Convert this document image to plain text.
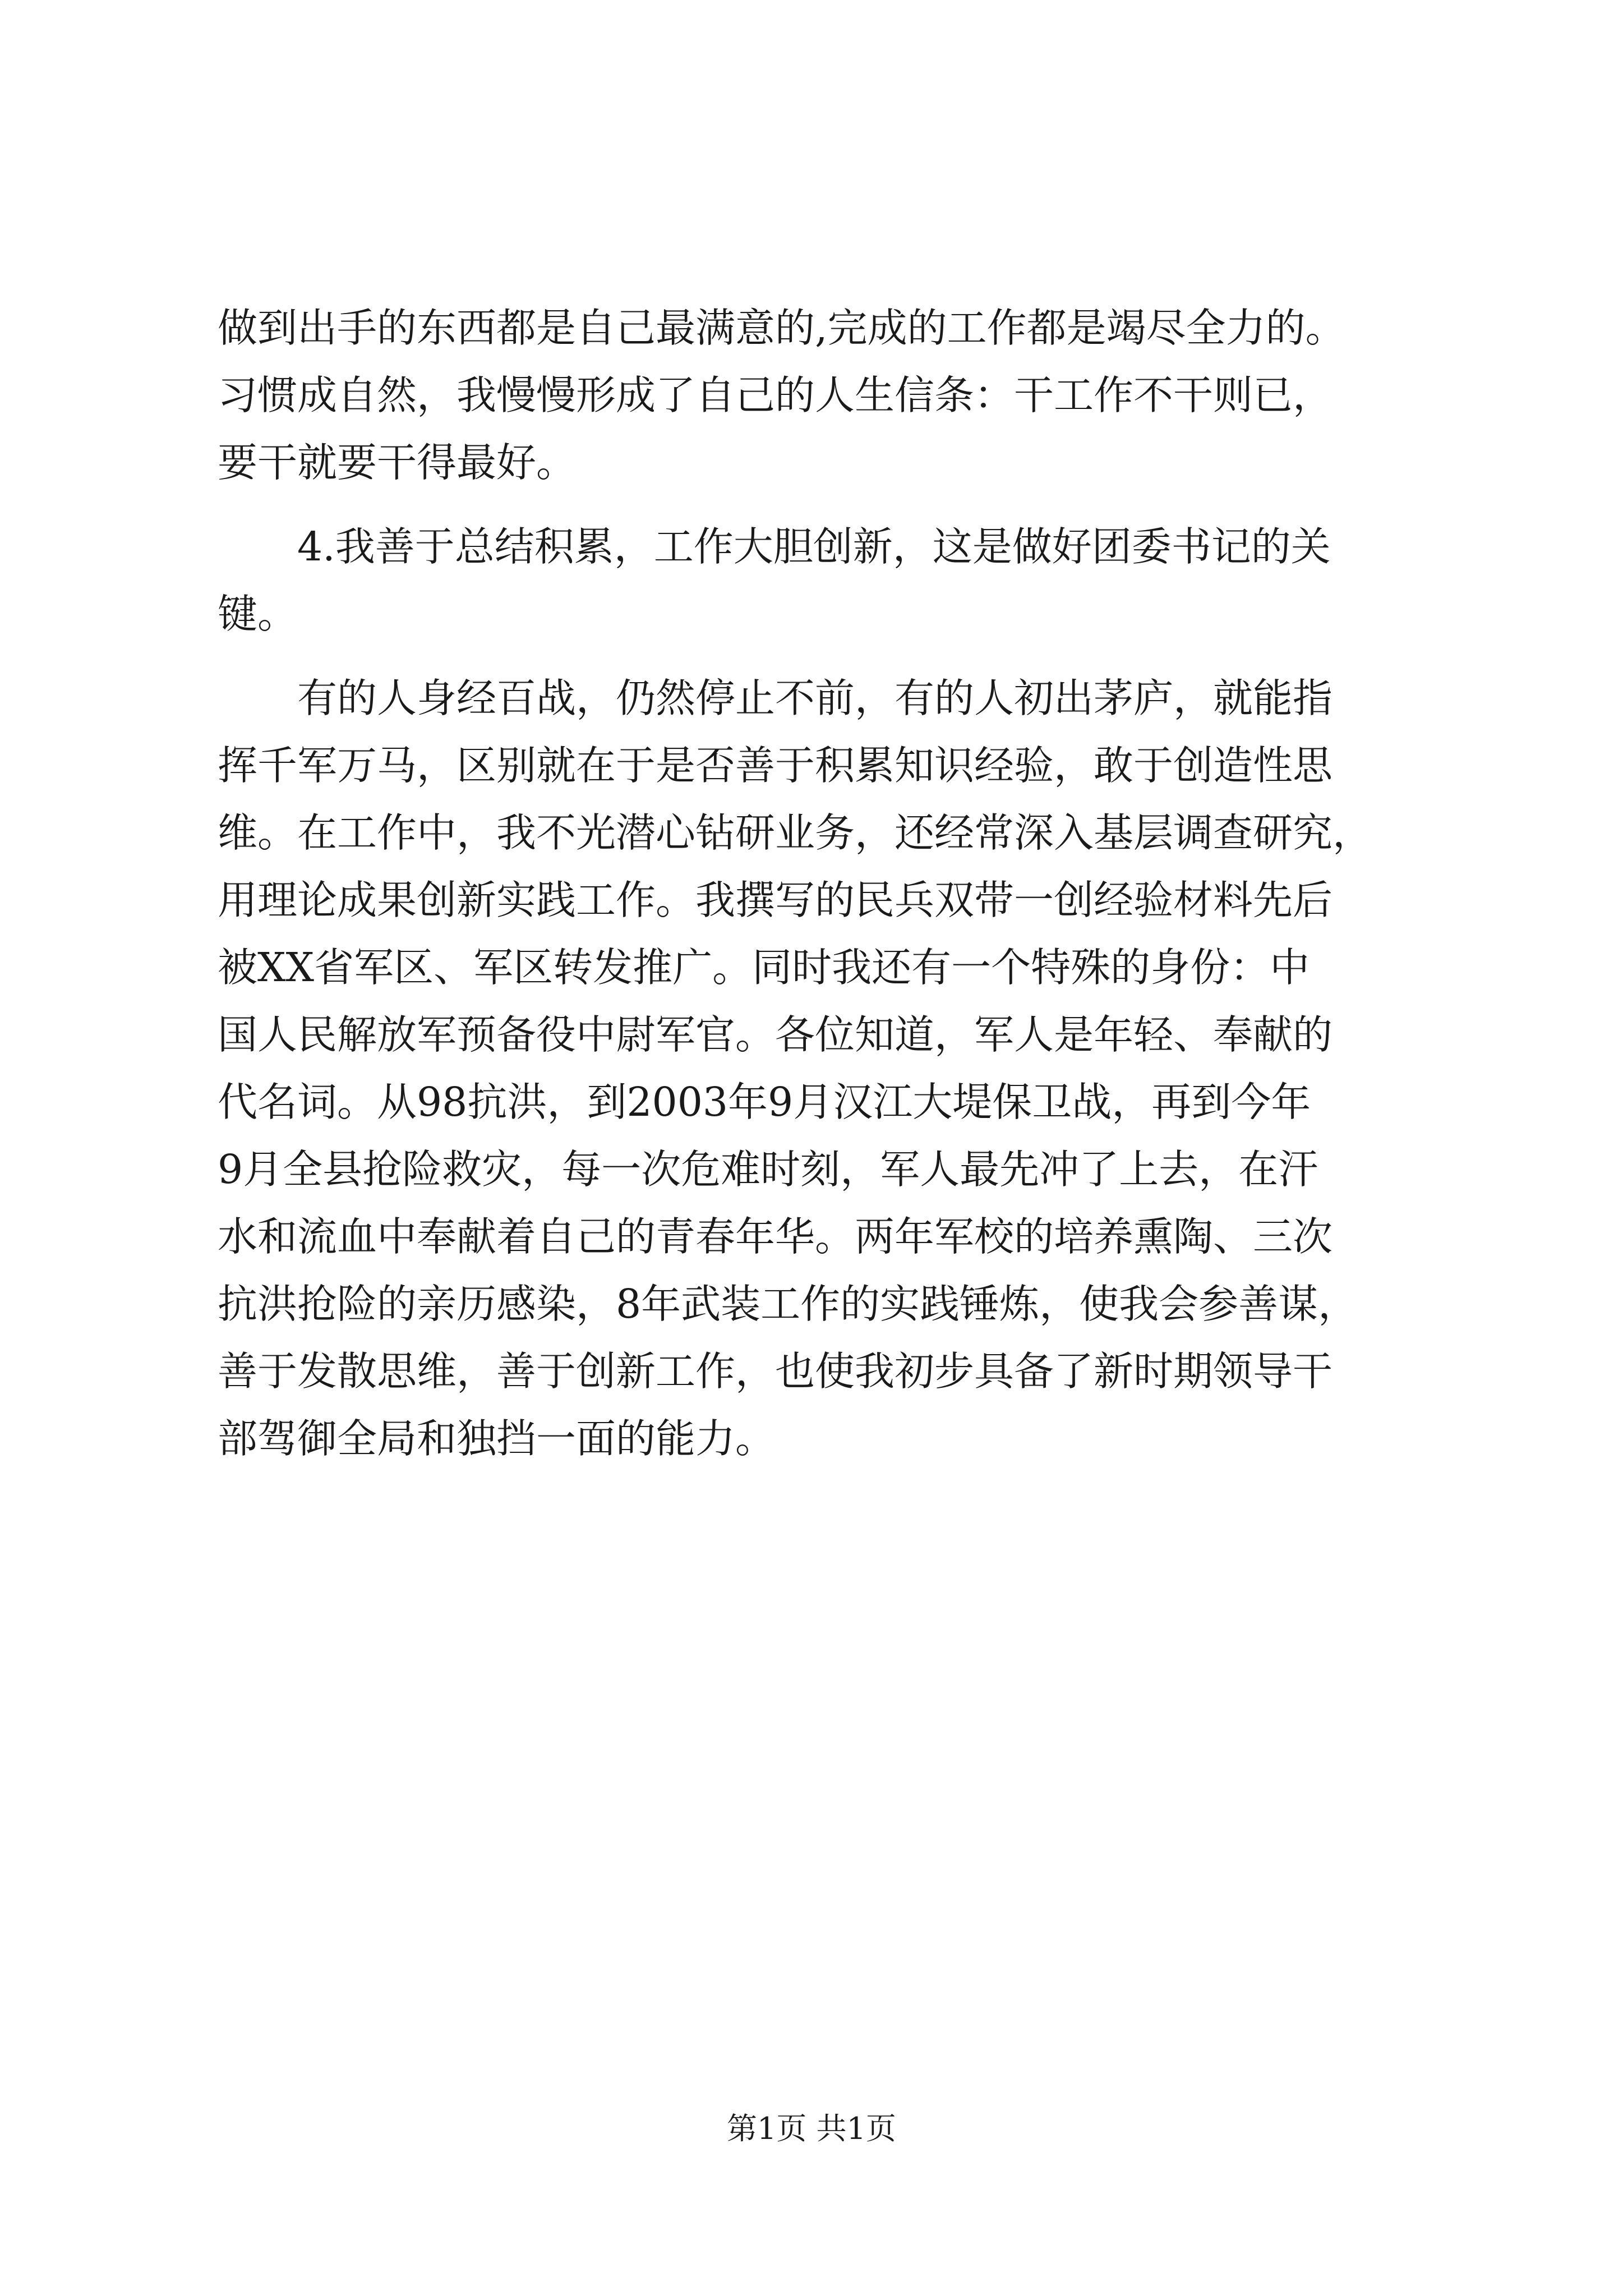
做到出手的东西都是自己最满意的,完成的工作都是竭尽全力的。
习惯成自然，我慢慢形成了自己的人生信条：干工作不干则已，
要干就要干得最好。
4.我善于总结积累，工作大胆创新，这是做好团委书记的关
键。
有的人身经百战，仍然停止不前，有的人初出茅庐，就能指
挥千军万马，区别就在于是否善于积累知识经验，敢于创造性思
维。在工作中，我不光潜心钻研业务，还经常深入基层调查研究，
用理论成果创新实践工作。我撰写的民兵双带一创经验材料先后
被XX省军区、军区转发推广。同时我还有一个特殊的身份：中
国人民解放军预备役中尉军官。各位知道，军人是年轻、奉献的
代名词。从98抗洪，到2003年9月汉江大堤保卫战，再到今年
9月全县抢险救灾，每一次危难时刻，军人最先冲了上去，在汗
水和流血中奉献着自己的青春年华。两年军校的培养熏陶、三次
抗洪抢险的亲历感染，8年武装工作的实践锤炼，使我会参善谋，
善于发散思维，善于创新工作，也使我初步具备了新时期领导干
部驾御全局和独挡一面的能力。
第1页 共1页
